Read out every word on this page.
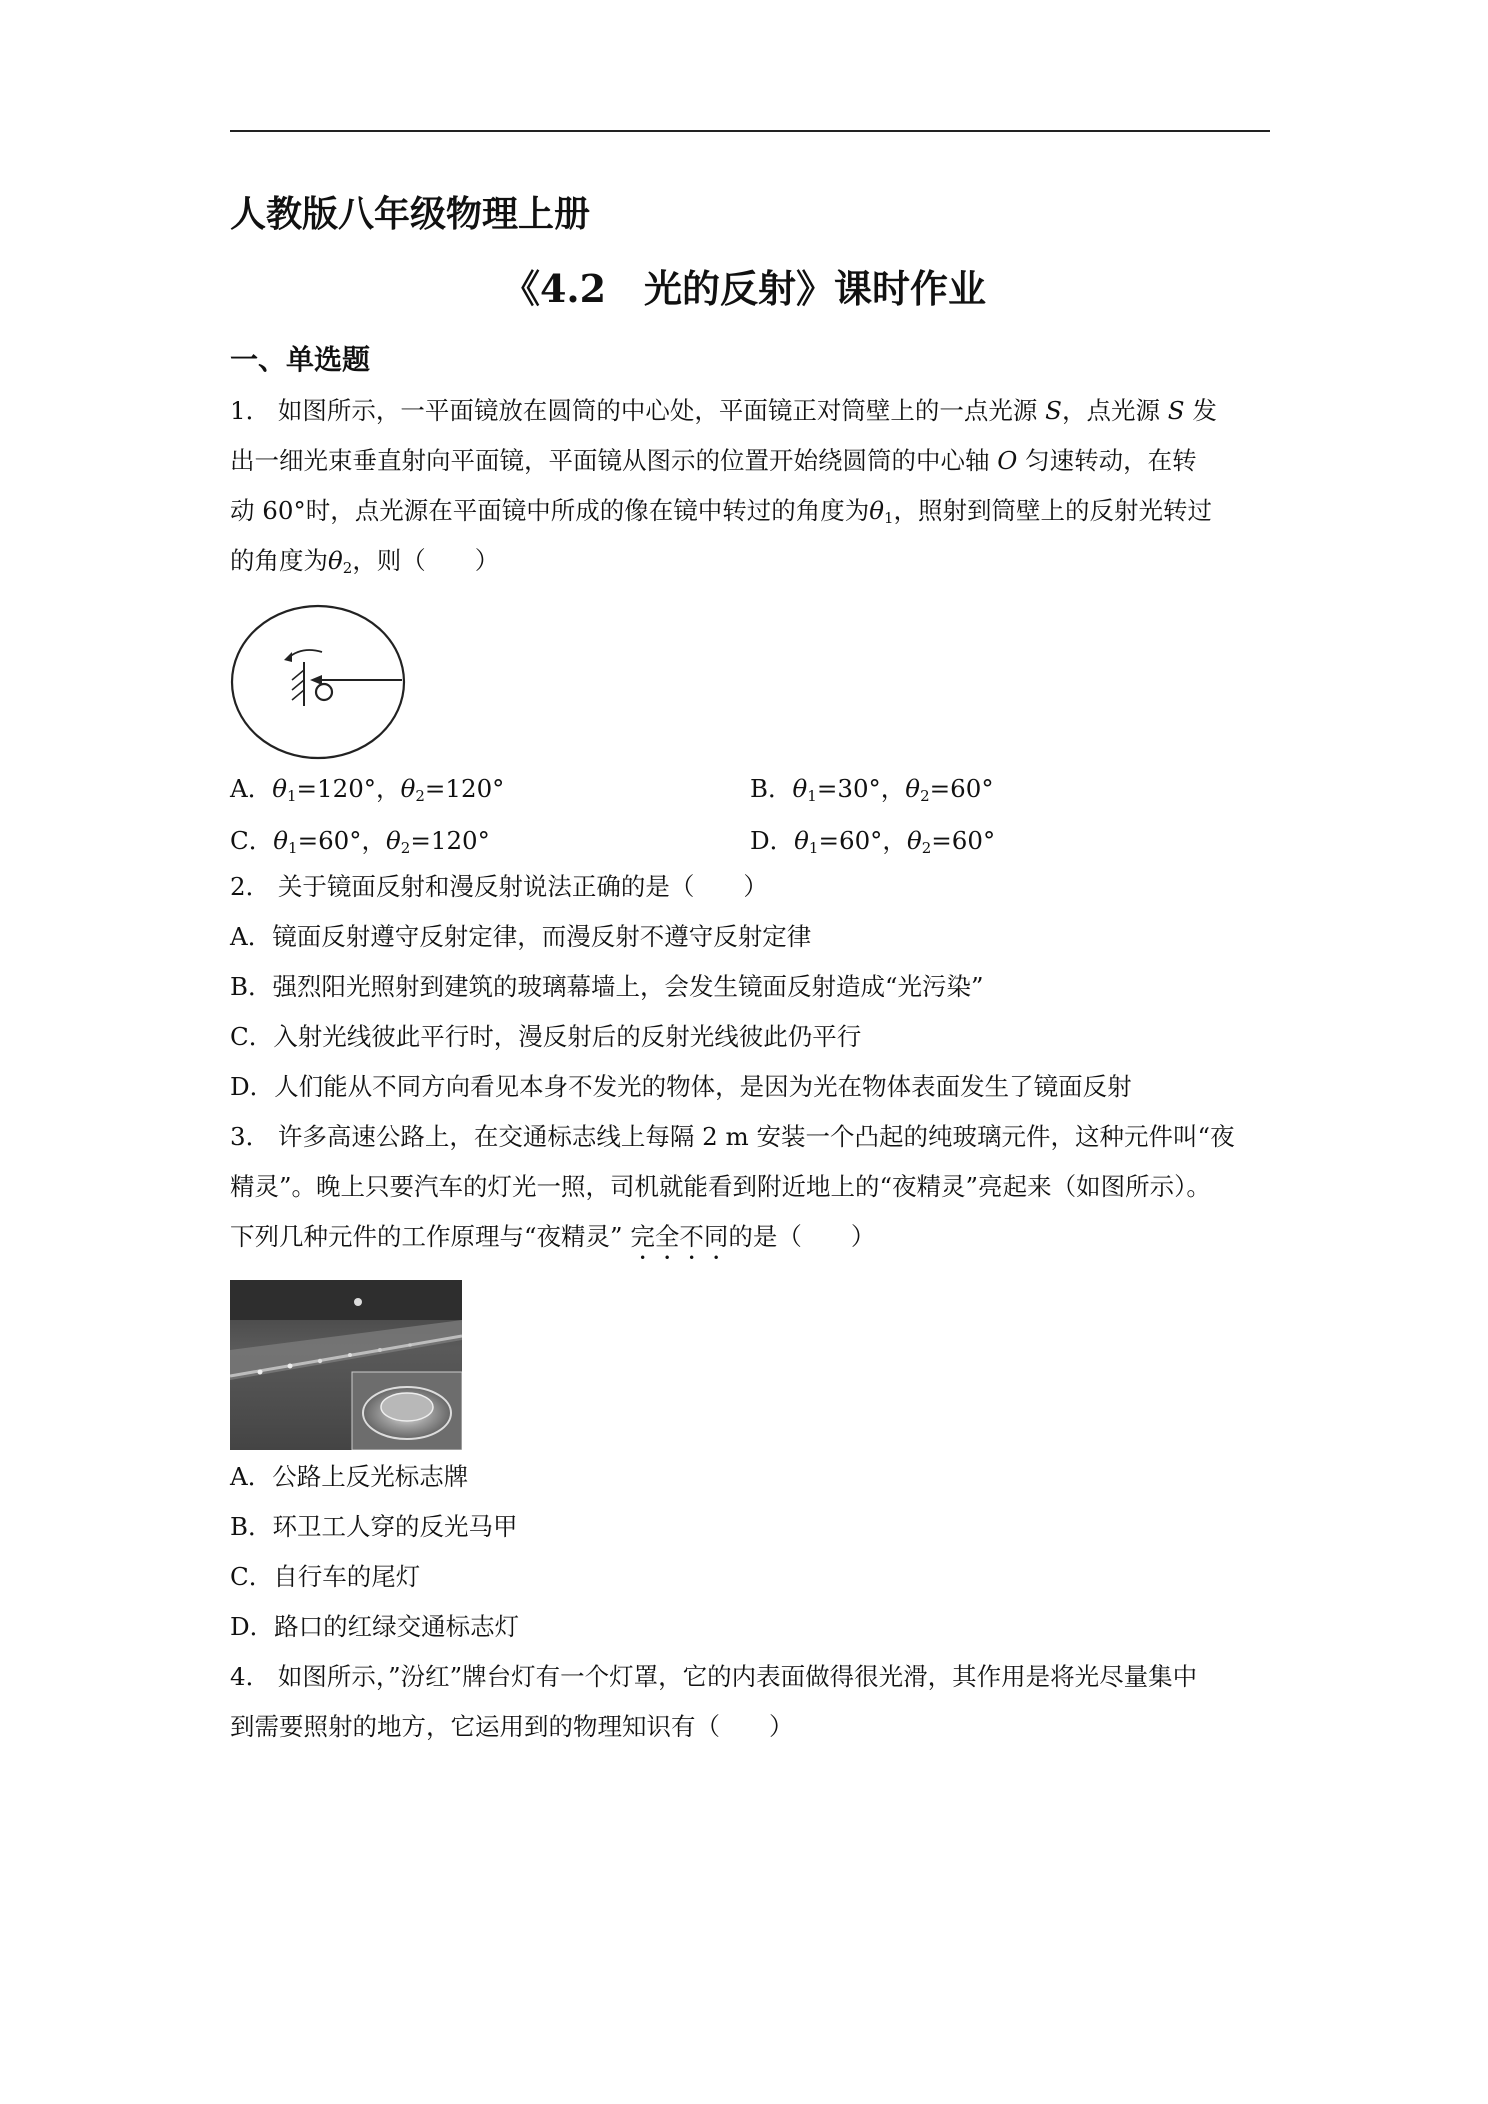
人教版八年级物理上册
《4.2　光的反射》课时作业
一、单选题
1． 如图所示，一平面镜放在圆筒的中心处，平面镜正对筒壁上的一点光源 S，点光源 S 发
出一细光束垂直射向平面镜，平面镜从图示的位置开始绕圆筒的中心轴 O 匀速转动，在转
动 60°时，点光源在平面镜中所成的像在镜中转过的角度为$\theta_1$，照射到筒壁上的反射光转过
的角度为$\theta_2$，则（　　）
A．$\theta_1=120^\circ$，$\theta_2=120^\circ$	B．$\theta_1=30^\circ$，$\theta_2=60^\circ$
C．$\theta_1=60^\circ$，$\theta_2=120^\circ$	D．$\theta_1=60^\circ$，$\theta_2=60^\circ$
2． 关于镜面反射和漫反射说法正确的是（　　）
A．镜面反射遵守反射定律，而漫反射不遵守反射定律
B．强烈阳光照射到建筑的玻璃幕墙上，会发生镜面反射造成“光污染”
C．入射光线彼此平行时，漫反射后的反射光线彼此仍平行
D．人们能从不同方向看见本身不发光的物体，是因为光在物体表面发生了镜面反射
3． 许多高速公路上，在交通标志线上每隔 2 m 安装一个凸起的纯玻璃元件，这种元件叫“夜
精灵”。晚上只要汽车的灯光一照，司机就能看到附近地上的“夜精灵”亮起来（如图所示）。
下列几种元件的工作原理与“夜精灵” 完全不同的是（　　）
A．公路上反光标志牌
B．环卫工人穿的反光马甲
C．自行车的尾灯
D．路口的红绿交通标志灯
4． 如图所示，”汾红”牌台灯有一个灯罩，它的内表面做得很光滑，其作用是将光尽量集中
到需要照射的地方，它运用到的物理知识有（　　）
